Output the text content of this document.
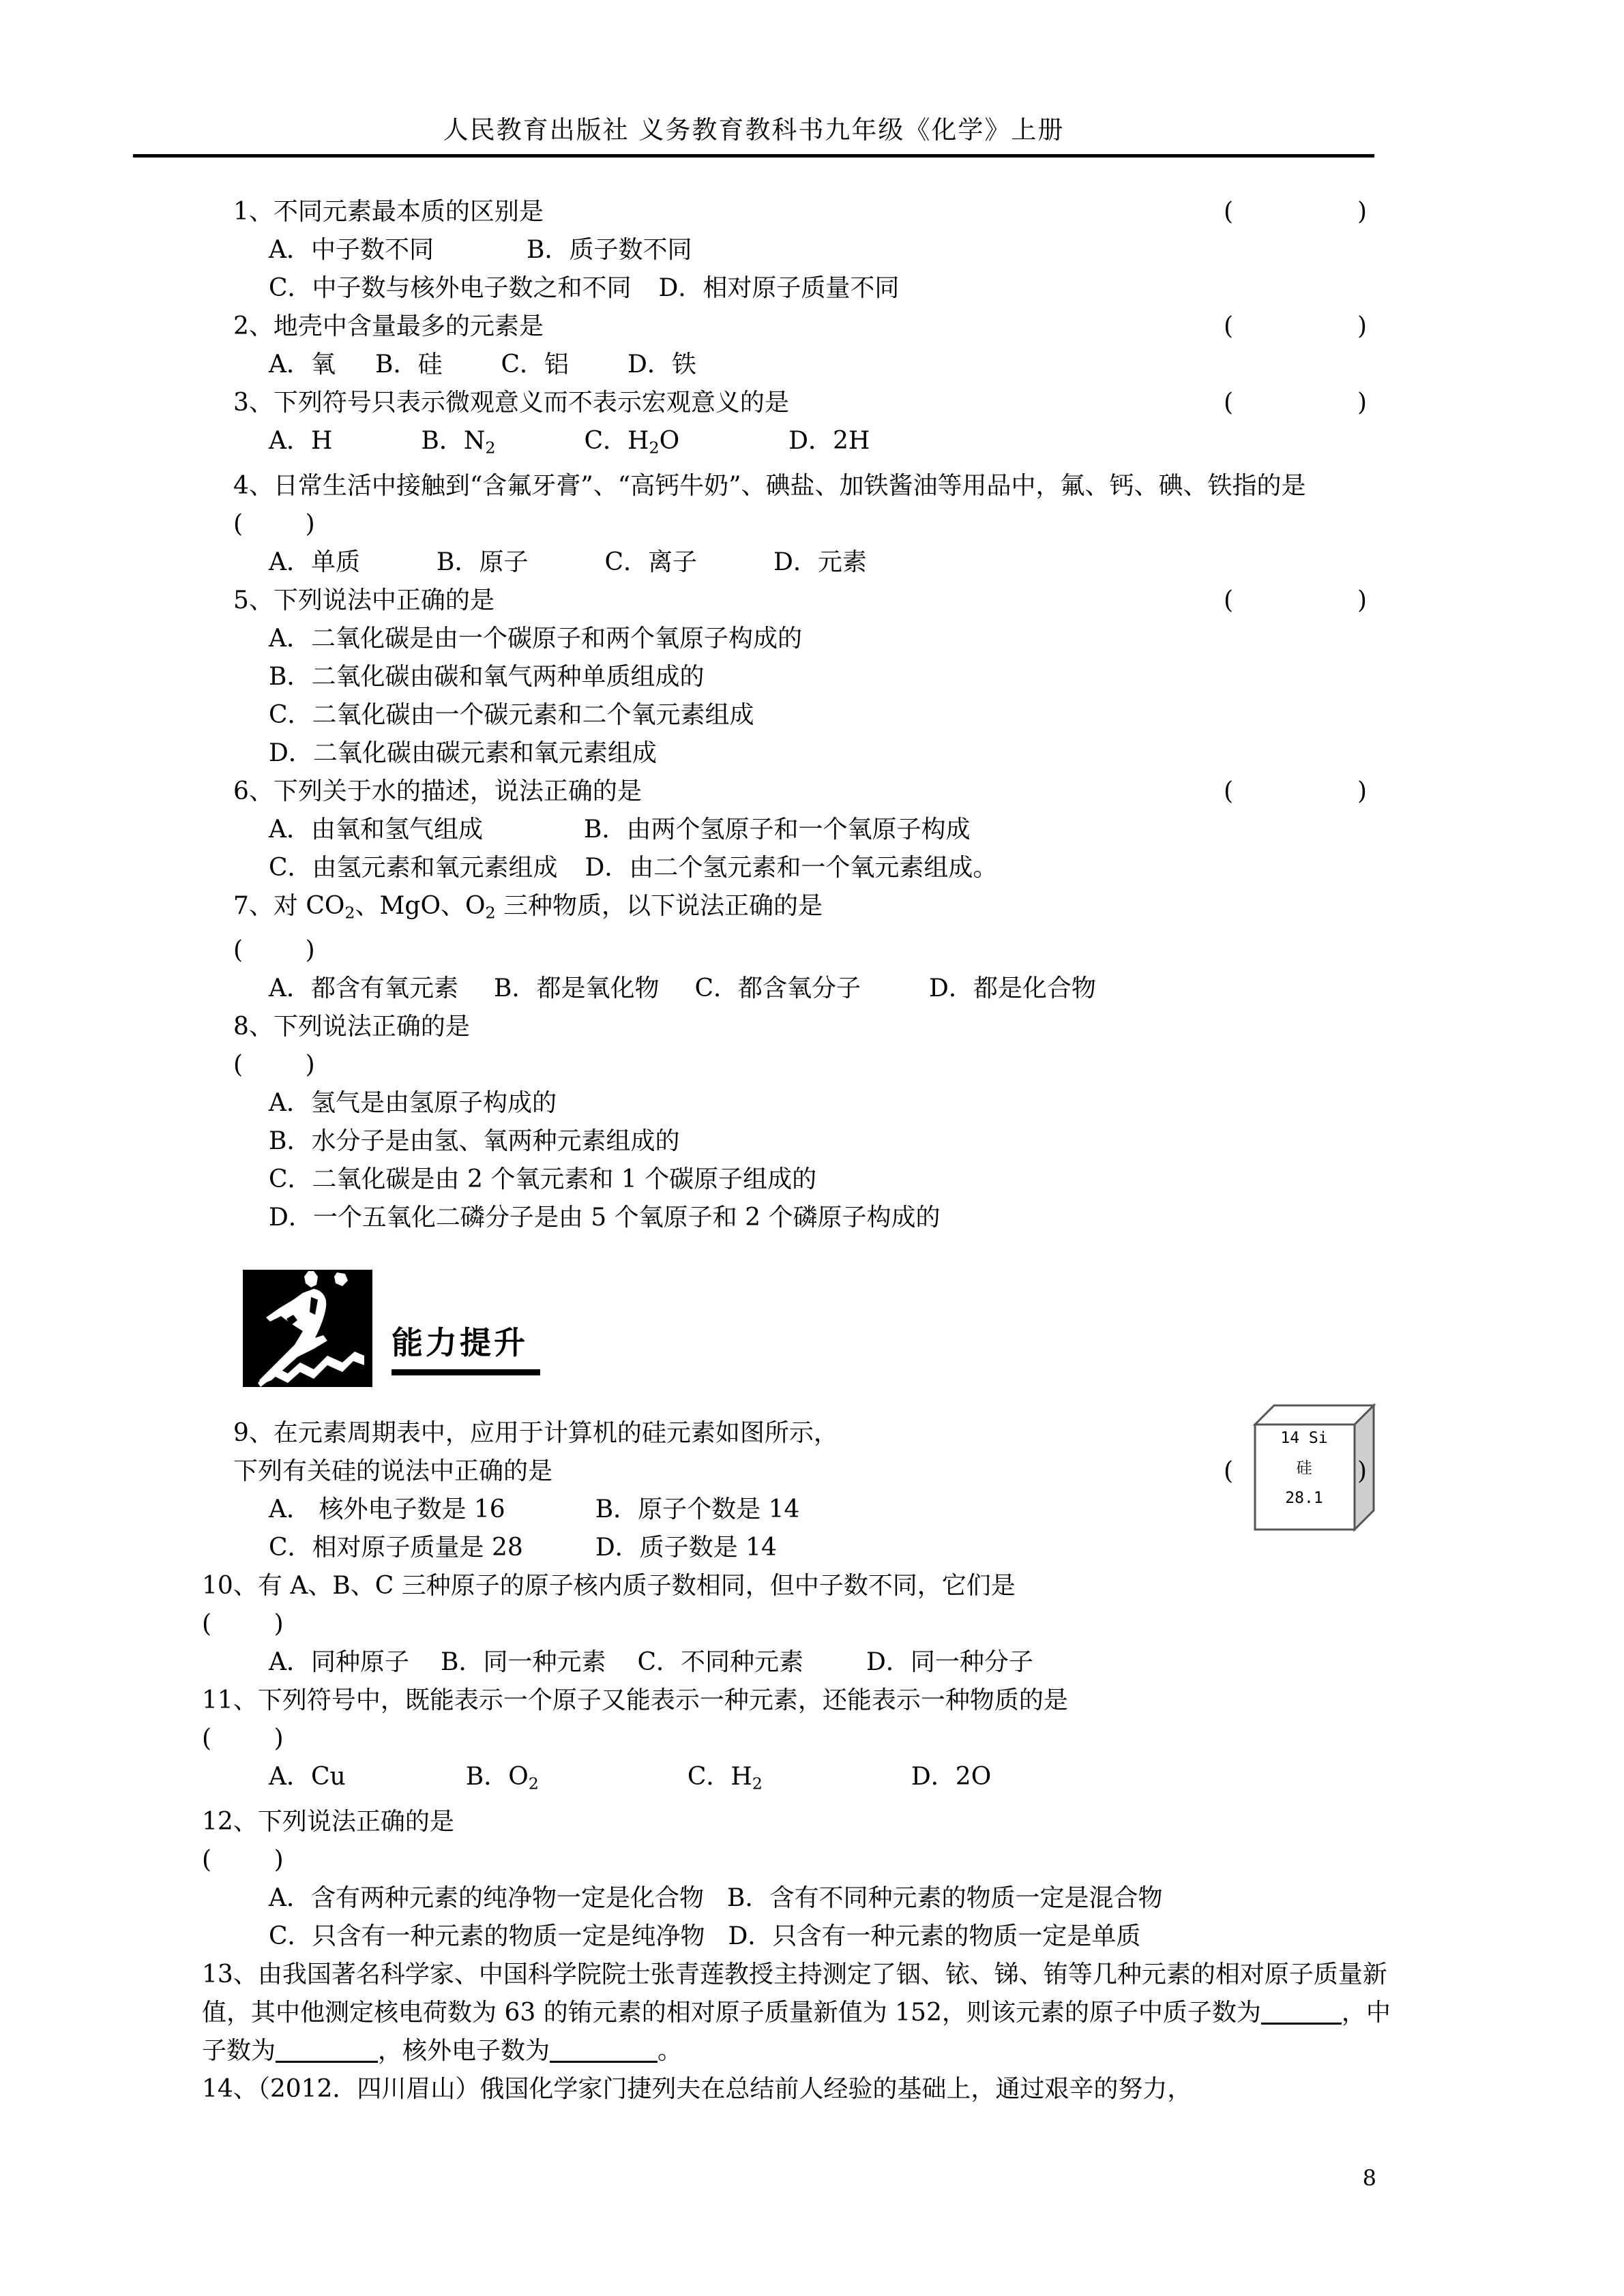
人民教育出版社 义务教育教科书九年级《化学》上册
1、不同元素最本质的区别是	(	)
A．中子数不同	B．质子数不同
C．中子数与核外电子数之和不同 D．相对原子质量不同
2、地壳中含量最多的元素是	(	)
A．氧 B．硅 C．铝 D．铁
3、下列符号只表示微观意义而不表示宏观意义的是	(	)
A．H	B．$N_2$	C．$H_2O$	D．2H
4、日常生活中接触到“含氟牙膏”、“高钙牛奶”、碘盐、加铁酱油等用品中，氟、钙、碘、铁指的是
(        )
A．单质	B．原子	C．离子	D．元素
5、下列说法中正确的是	(	)
A．二氧化碳是由一个碳原子和两个氧原子构成的
B．二氧化碳由碳和氧气两种单质组成的
C．二氧化碳由一个碳元素和二个氧元素组成
D．二氧化碳由碳元素和氧元素组成
6、下列关于水的描述，说法正确的是	(	)
A．由氧和氢气组成	B．由两个氢原子和一个氧原子构成
C．由氢元素和氧元素组成 D．由二个氢元素和一个氧元素组成。
7、对 $CO_2$、MgO、$O_2$ 三种物质，以下说法正确的是
(        )
A．都含有氧元素 B．都是氧化物 C．都含氧分子	D．都是化合物
8、下列说法正确的是
(        )
A．氢气是由氢原子构成的
B．水分子是由氢、氧两种元素组成的
C．二氧化碳是由 2 个氧元素和 1 个碳原子组成的
D．一个五氧化二磷分子是由 5 个氧原子和 2 个磷原子构成的
能力提升
14 Si
硅
28.1
9、在元素周期表中，应用于计算机的硅元素如图所示，
下列有关硅的说法中正确的是	(	)
A． 核外电子数是 16	B．原子个数是 14
C．相对原子质量是 28	D．质子数是 14
10、有 A、B、C 三种原子的原子核内质子数相同，但中子数不同，它们是
(        )
A．同种原子 B．同一种元素 C．不同种元素	D．同一种分子
11、下列符号中，既能表示一个原子又能表示一种元素，还能表示一种物质的是
(        )
A．Cu	B．$O_2$	C．$H_2$	D．2O
12、下列说法正确的是
(        )
A．含有两种元素的纯净物一定是化合物 B．含有不同种元素的物质一定是混合物
C．只含有一种元素的物质一定是纯净物 D．只含有一种元素的物质一定是单质
13、由我国著名科学家、中国科学院院士张青莲教授主持测定了铟、铱、锑、铕等几种元素的相对原子质量新值，其中他测定核电荷数为 63 的铕元素的相对原子质量新值为 152，则该元素的原子中质子数为	，中子数为	，核外电子数为	。
14、（2012．四川眉山）俄国化学家门捷列夫在总结前人经验的基础上，通过艰辛的努力，
8
